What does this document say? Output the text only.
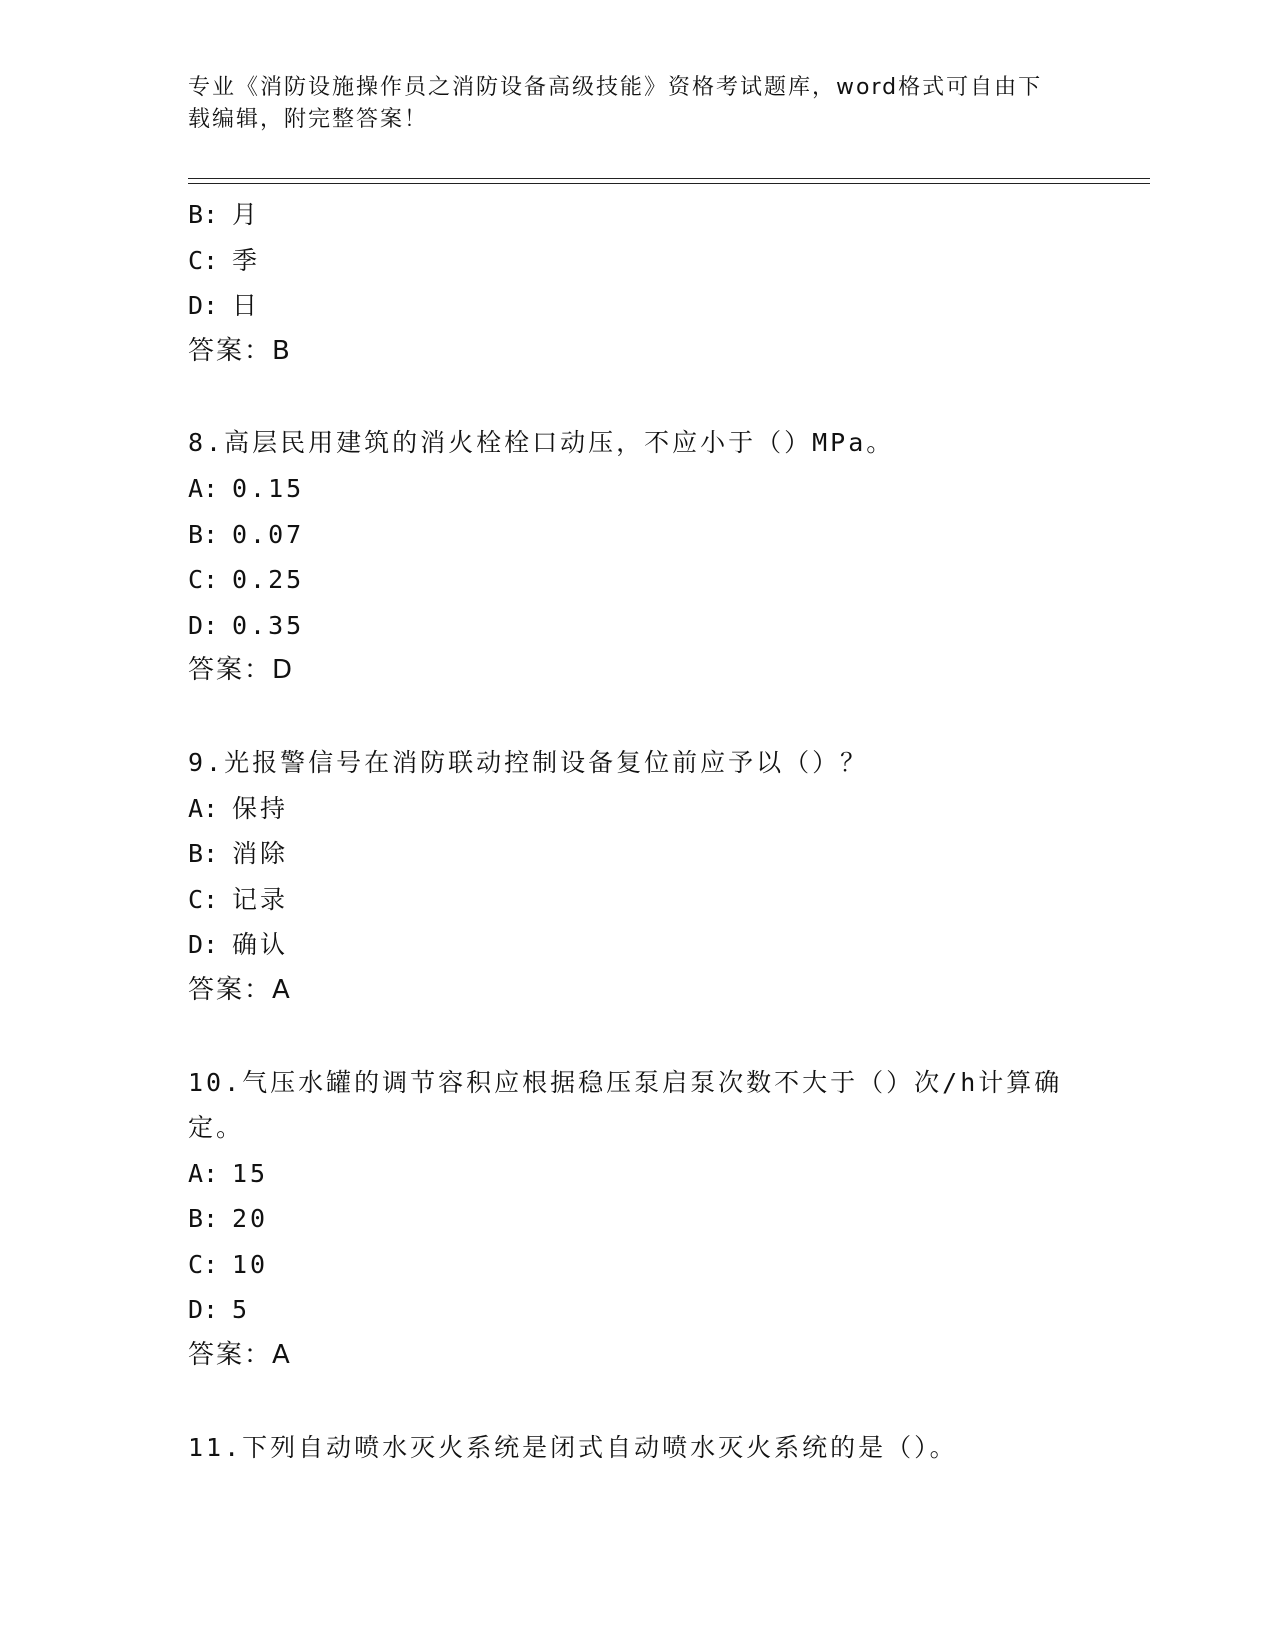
专业《消防设施操作员之消防设备高级技能》资格考试题库，word格式可自由下
载编辑，附完整答案！
B: 月
C: 季
D: 日
答案：B
8.高层民用建筑的消火栓栓口动压，不应小于（）MPa。
A: 0.15
B: 0.07
C: 0.25
D: 0.35
答案：D
9.光报警信号在消防联动控制设备复位前应予以（）？
A: 保持
B: 消除
C: 记录
D: 确认
答案：A
10.气压水罐的调节容积应根据稳压泵启泵次数不大于（）次/h计算确
定。
A: 15
B: 20
C: 10
D: 5
答案：A
11.下列自动喷水灭火系统是闭式自动喷水灭火系统的是（）。
